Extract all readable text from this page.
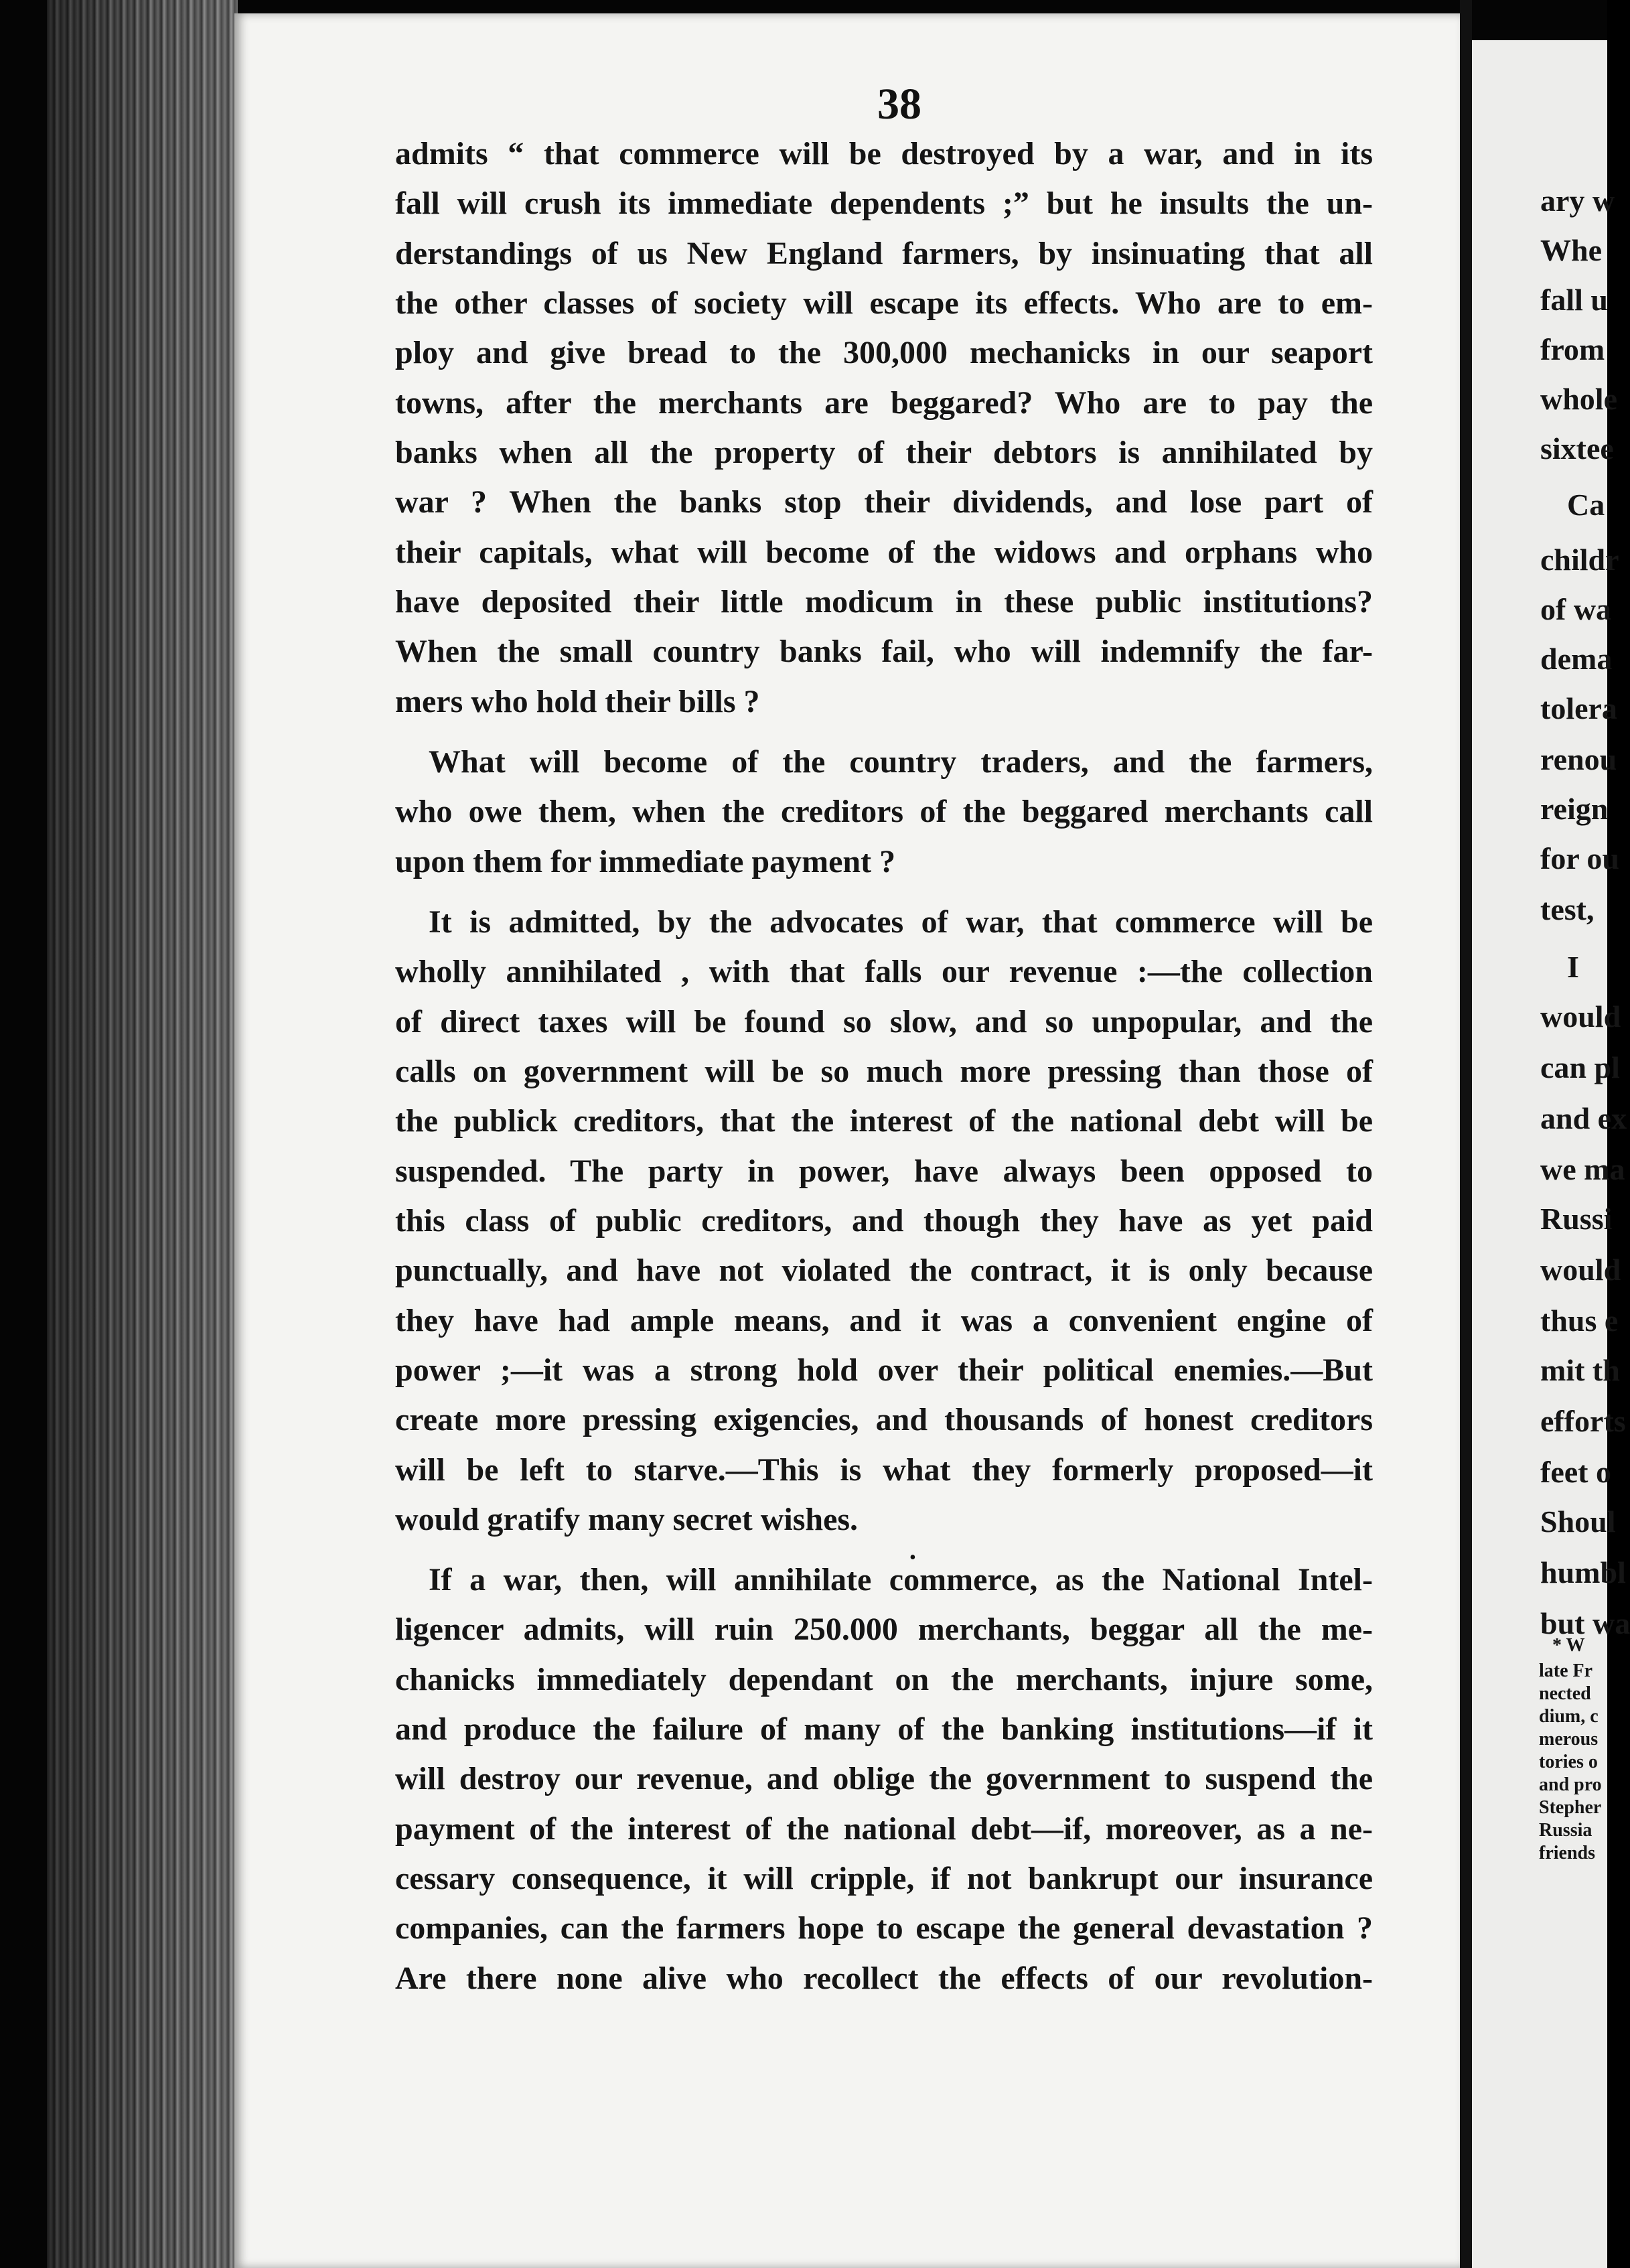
38
admits “ that commerce will be destroyed by a war, and in its
fall will crush its immediate dependents ;” but he insults the un-
derstandings of us New England farmers, by insinuating that all
the other classes of society will escape its effects. Who are to em-
ploy and give bread to the 300,000 mechanicks in our seaport
towns, after the merchants are beggared? Who are to pay the
banks when all the property of their debtors is annihilated by
war ? When the banks stop their dividends, and lose part of
their capitals, what will become of the widows and orphans who
have deposited their little modicum in these public institutions?
When the small country banks fail, who will indemnify the far-
mers who hold their bills ?
What will become of the country traders, and the farmers,
who owe them, when the creditors of the beggared merchants call
upon them for immediate payment ?
It is admitted, by the advocates of war, that commerce will be
wholly annihilated , with that falls our revenue :—the collection
of direct taxes will be found so slow, and so unpopular, and the
calls on government will be so much more pressing than those of
the publick creditors, that the interest of the national debt will be
suspended. The party in power, have always been opposed to
this class of public creditors, and though they have as yet paid
punctually, and have not violated the contract, it is only because
they have had ample means, and it was a convenient engine of
power ;—it was a strong hold over their political enemies.—But
create more pressing exigencies, and thousands of honest creditors
will be left to starve.—This is what they formerly proposed—it
would gratify many secret wishes.
If a war, then, will annihilate commerce, as the National Intel-
ligencer admits, will ruin 250.000 merchants, beggar all the me-
chanicks immediately dependant on the merchants, injure some,
and produce the failure of many of the banking institutions—if it
will destroy our revenue, and oblige the government to suspend the
payment of the interest of the national debt—if, moreover, as a ne-
cessary consequence, it will cripple, if not bankrupt our insurance
companies, can the farmers hope to escape the general devastation ?
Are there none alive who recollect the effects of our revolution-
•
ary w
Whe
fall u
from
whole
sixtee
Ca
childr
of wa
dema
tolera
renou
reign
for ou
test,
I
would
can pl
and ex
we ma
Russi
would
thus e
mit th
efforts
feet o
Shoul
humbl
but wa
* W
late Fr
nected
dium, c
merous
tories o
and pro
Stepher
Russia
friends
